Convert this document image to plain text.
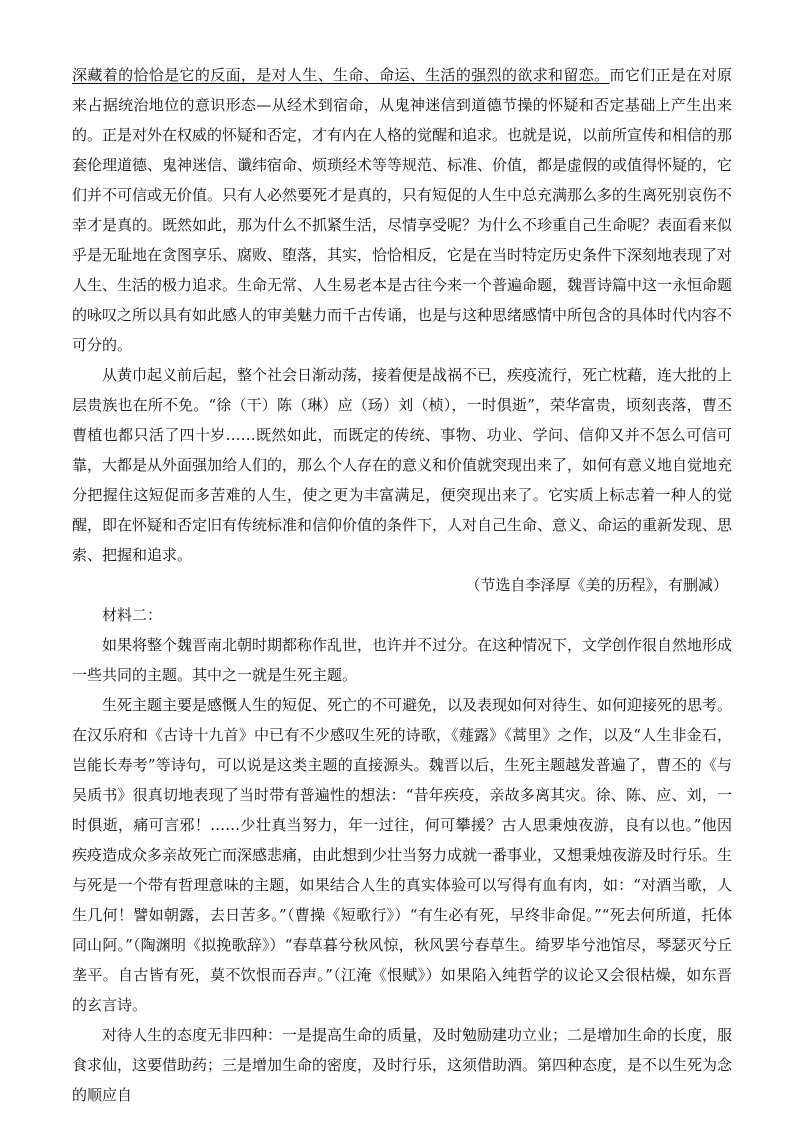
深藏着的恰恰是它的反面，是对人生、生命、命运、生活的强烈的欲求和留恋。而它们正是在对原来占据统治地位的意识形态—从经术到宿命，从鬼神迷信到道德节操的怀疑和否定基础上产生出来的。正是对外在权威的怀疑和否定，才有内在人格的觉醒和追求。也就是说，以前所宣传和相信的那套伦理道德、鬼神迷信、谶纬宿命、烦琐经术等等规范、标准、价值，都是虚假的或值得怀疑的，它们并不可信或无价值。只有人必然要死才是真的，只有短促的人生中总充满那么多的生离死别哀伤不幸才是真的。既然如此，那为什么不抓紧生活，尽情享受呢？为什么不珍重自己生命呢？表面看来似乎是无耻地在贪图享乐、腐败、堕落，其实，恰恰相反，它是在当时特定历史条件下深刻地表现了对人生、生活的极力追求。生命无常、人生易老本是古往今来一个普遍命题，魏晋诗篇中这一永恒命题的咏叹之所以具有如此感人的审美魅力而千古传诵，也是与这种思绪感情中所包含的具体时代内容不可分的。

从黄巾起义前后起，整个社会日渐动荡，接着便是战祸不已，疾疫流行，死亡枕藉，连大批的上层贵族也在所不免。“徐（干）陈（琳）应（玚）刘（桢），一时俱逝”，荣华富贵，顷刻丧落，曹丕曹植也都只活了四十岁……既然如此，而既定的传统、事物、功业、学问、信仰又并不怎么可信可靠，大都是从外面强加给人们的，那么个人存在的意义和价值就突现出来了，如何有意义地自觉地充分把握住这短促而多苦难的人生，使之更为丰富满足，便突现出来了。它实质上标志着一种人的觉醒，即在怀疑和否定旧有传统标准和信仰价值的条件下，人对自己生命、意义、命运的重新发现、思索、把握和追求。

（节选自李泽厚《美的历程》，有删减）

材料二：

如果将整个魏晋南北朝时期都称作乱世，也许并不过分。在这种情况下，文学创作很自然地形成一些共同的主题。其中之一就是生死主题。

生死主题主要是感慨人生的短促、死亡的不可避免，以及表现如何对待生、如何迎接死的思考。在汉乐府和《古诗十九首》中已有不少感叹生死的诗歌，《薤露》《蒿里》之作，以及“人生非金石，岂能长寿考”等诗句，可以说是这类主题的直接源头。魏晋以后，生死主题越发普遍了，曹丕的《与吴质书》很真切地表现了当时带有普遍性的想法：“昔年疾疫，亲故多离其灾。徐、陈、应、刘，一时俱逝，痛可言邪！……少壮真当努力，年一过往，何可攀援？古人思秉烛夜游，良有以也。”他因疾疫造成众多亲故死亡而深感悲痛，由此想到少壮当努力成就一番事业，又想秉烛夜游及时行乐。生与死是一个带有哲理意味的主题，如果结合人生的真实体验可以写得有血有肉，如：“对酒当歌，人生几何！譬如朝露，去日苦多。”（曹操《短歌行》）“有生必有死，早终非命促。”“死去何所道，托体同山阿。”（陶渊明《拟挽歌辞》）“春草暮兮秋风惊，秋风罢兮春草生。绮罗毕兮池馆尽，琴瑟灭兮丘垄平。自古皆有死，莫不饮恨而吞声。”（江淹《恨赋》）如果陷入纯哲学的议论又会很枯燥，如东晋的玄言诗。

对待人生的态度无非四种：一是提高生命的质量，及时勉励建功立业；二是增加生命的长度，服食求仙，这要借助药；三是增加生命的密度，及时行乐，这须借助酒。第四种态度，是不以生死为念的顺应自
